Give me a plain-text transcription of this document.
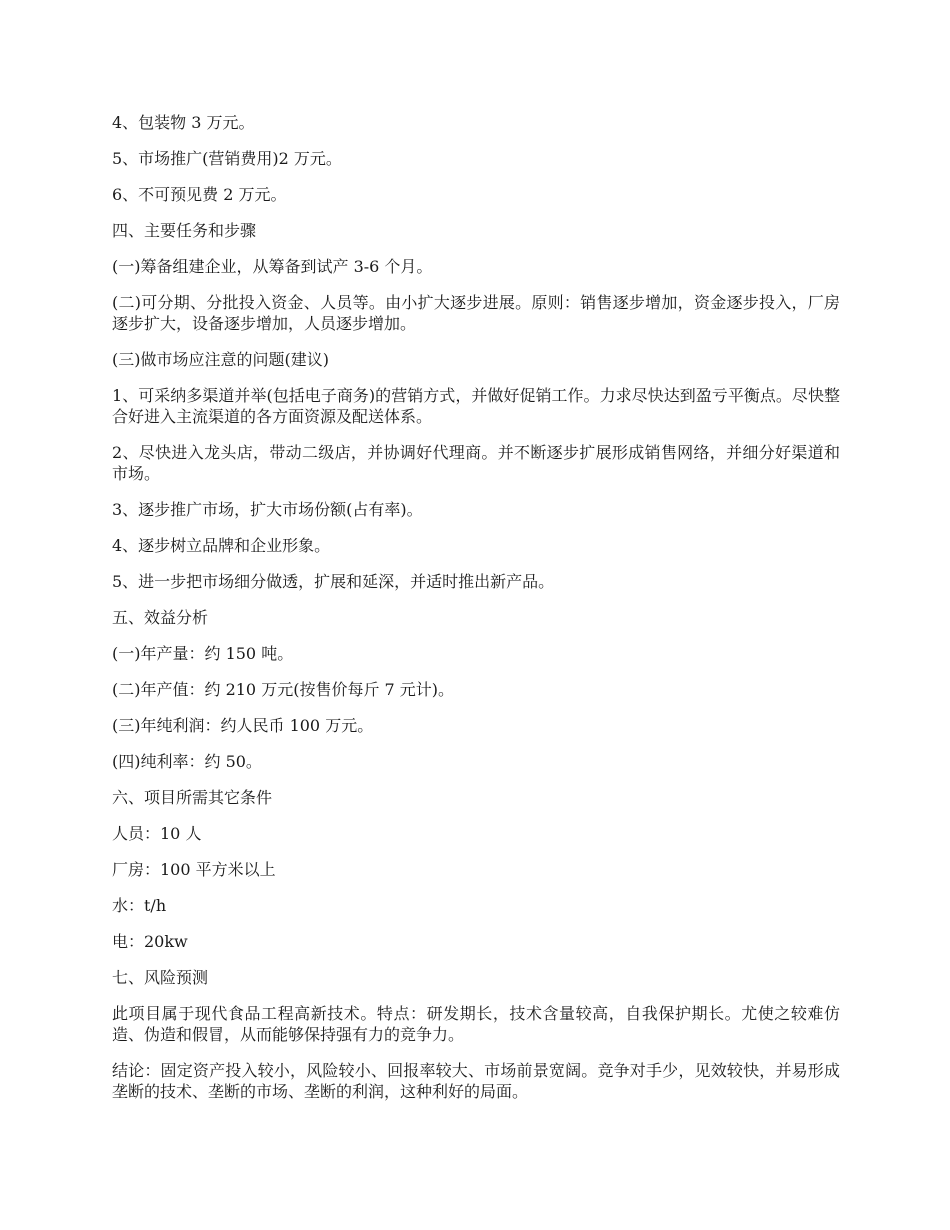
4、包装物 3 万元。

5、市场推广(营销费用)2 万元。

6、不可预见费 2 万元。

四、主要任务和步骤

(一)筹备组建企业，从筹备到试产 3-6 个月。

(二)可分期、分批投入资金、人员等。由小扩大逐步进展。原则：销售逐步增加，资金逐步投入，厂房逐步扩大，设备逐步增加，人员逐步增加。

(三)做市场应注意的问题(建议)

1、可采纳多渠道并举(包括电子商务)的营销方式，并做好促销工作。力求尽快达到盈亏平衡点。尽快整合好进入主流渠道的各方面资源及配送体系。

2、尽快进入龙头店，带动二级店，并协调好代理商。并不断逐步扩展形成销售网络，并细分好渠道和市场。

3、逐步推广市场，扩大市场份额(占有率)。

4、逐步树立品牌和企业形象。

5、进一步把市场细分做透，扩展和延深，并适时推出新产品。

五、效益分析

(一)年产量：约 150 吨。

(二)年产值：约 210 万元(按售价每斤 7 元计)。

(三)年纯利润：约人民币 100 万元。

(四)纯利率：约 50。

六、项目所需其它条件

人员：10 人

厂房：100 平方米以上

水：t/h

电：20kw

七、风险预测

此项目属于现代食品工程高新技术。特点：研发期长，技术含量较高，自我保护期长。尤使之较难仿造、伪造和假冒，从而能够保持强有力的竞争力。

结论：固定资产投入较小，风险较小、回报率较大、市场前景宽阔。竞争对手少，见效较快，并易形成垄断的技术、垄断的市场、垄断的利润，这种利好的局面。
